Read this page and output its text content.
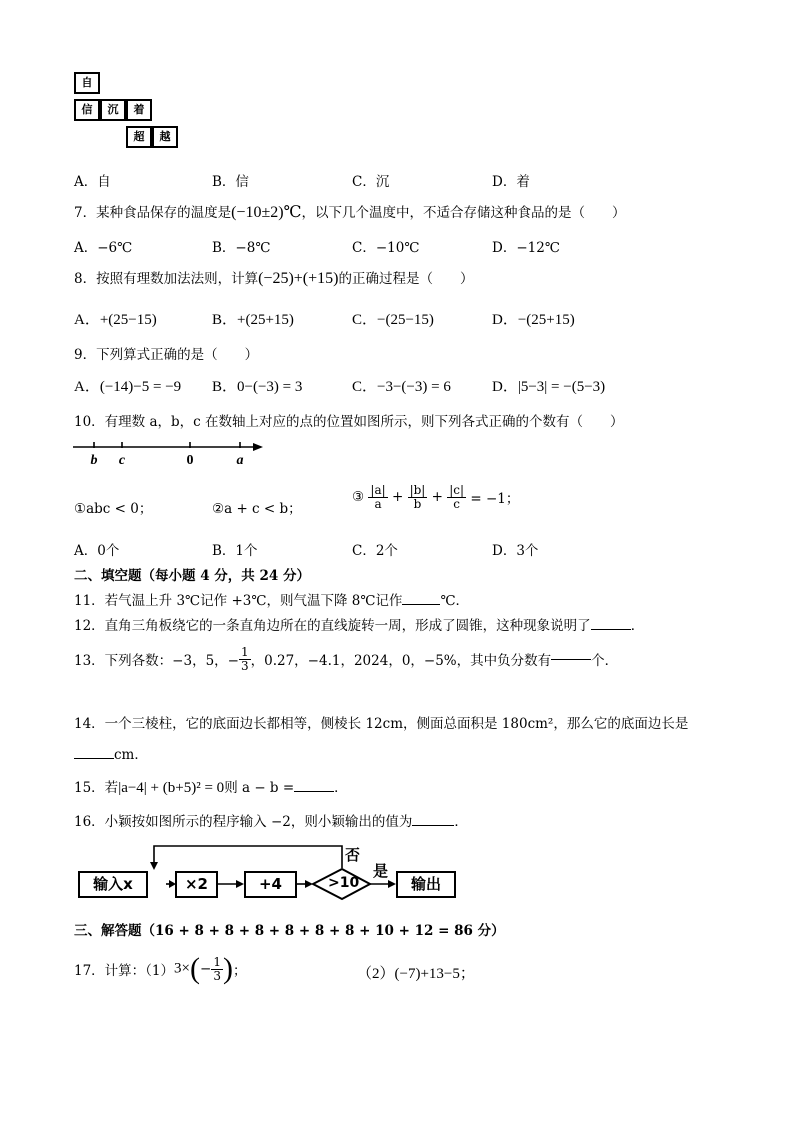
自
信	沉	着
超	越
A．自	B．信	C．沉	D．着
7．某种食品保存的温度是(−10±2)℃，以下几个温度中，不适合存储这种食品的是（　　）
A．−6℃	B．−8℃	C．−10℃	D．−12℃
8．按照有理数加法法则，计算(−25)+(+15)的正确过程是（　　）
A．+(25−15)	B．+(25+15)	C．−(25−15)	D．−(25+15)
9．下列算式正确的是（　　）
A．(−14)−5 = −9 B．0−(−3) = 3	C．−3−(−3) = 6	D．|5−3| = −(5−3)
10．有理数 a，b，c 在数轴上对应的点的位置如图所示，则下列各式正确的个数有（　　）
b c	0	a
①abc < 0；	②a + c < b；
③ $\frac{|a|}{a} + \frac{|b|}{b} + \frac{|c|}{c} = -1$；
A．0个	B．1个	C．2个	D．3个
二、填空题（每小题 4 分，共 24 分）
11．若气温上升 3℃记作 +3℃，则气温下降 8℃记作	℃．
12．直角三角板绕它的一条直角边所在的直线旋转一周，形成了圆锥，这种现象说明了	．
13．下列各数：−3，5，− $\frac{1}{3}$ ，0.27，−4.1，2024，0，−5%，其中负分数有	个．
14．一个三棱柱，它的底面边长都相等，侧棱长 12cm，侧面总面积是 180cm²，那么它的底面边长是
cm．
15．若|a−4| + (b+5)² = 0则 a − b =	．
16．小颖按如图所示的程序输入 −2，则小颖输出的值为	．
输入x	×2	+4	>10	输出
否
是
三、解答题（16 + 8 + 8 + 8 + 8 + 8 + 8 + 10 + 12 = 86 分）
17．计算：$(1)3\times(- \frac{1}{3}$ )；	（2）(−7)+13−5；
